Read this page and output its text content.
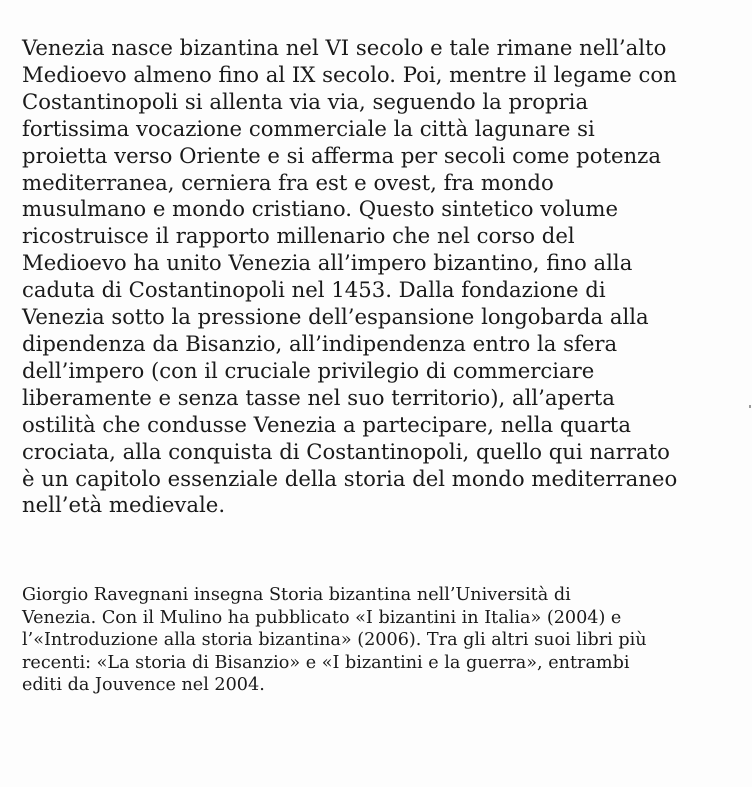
Venezia nasce bizantina nel VI secolo e tale rimane nell’alto
Medioevo almeno fino al IX secolo. Poi, mentre il legame con
Costantinopoli si allenta via via, seguendo la propria
fortissima vocazione commerciale la città lagunare si
proietta verso Oriente e si afferma per secoli come potenza
mediterranea, cerniera fra est e ovest, fra mondo
musulmano e mondo cristiano. Questo sintetico volume
ricostruisce il rapporto millenario che nel corso del
Medioevo ha unito Venezia all’impero bizantino, fino alla
caduta di Costantinopoli nel 1453. Dalla fondazione di
Venezia sotto la pressione dell’espansione longobarda alla
dipendenza da Bisanzio, all’indipendenza entro la sfera
dell’impero (con il cruciale privilegio di commerciare
liberamente e senza tasse nel suo territorio), all’aperta
ostilità che condusse Venezia a partecipare, nella quarta
crociata, alla conquista di Costantinopoli, quello qui narrato
è un capitolo essenziale della storia del mondo mediterraneo
nell’età medievale.
Giorgio Ravegnani insegna Storia bizantina nell’Università di
Venezia. Con il Mulino ha pubblicato «I bizantini in Italia» (2004) e
l’«Introduzione alla storia bizantina» (2006). Tra gli altri suoi libri più
recenti: «La storia di Bisanzio» e «I bizantini e la guerra», entrambi
editi da Jouvence nel 2004.
